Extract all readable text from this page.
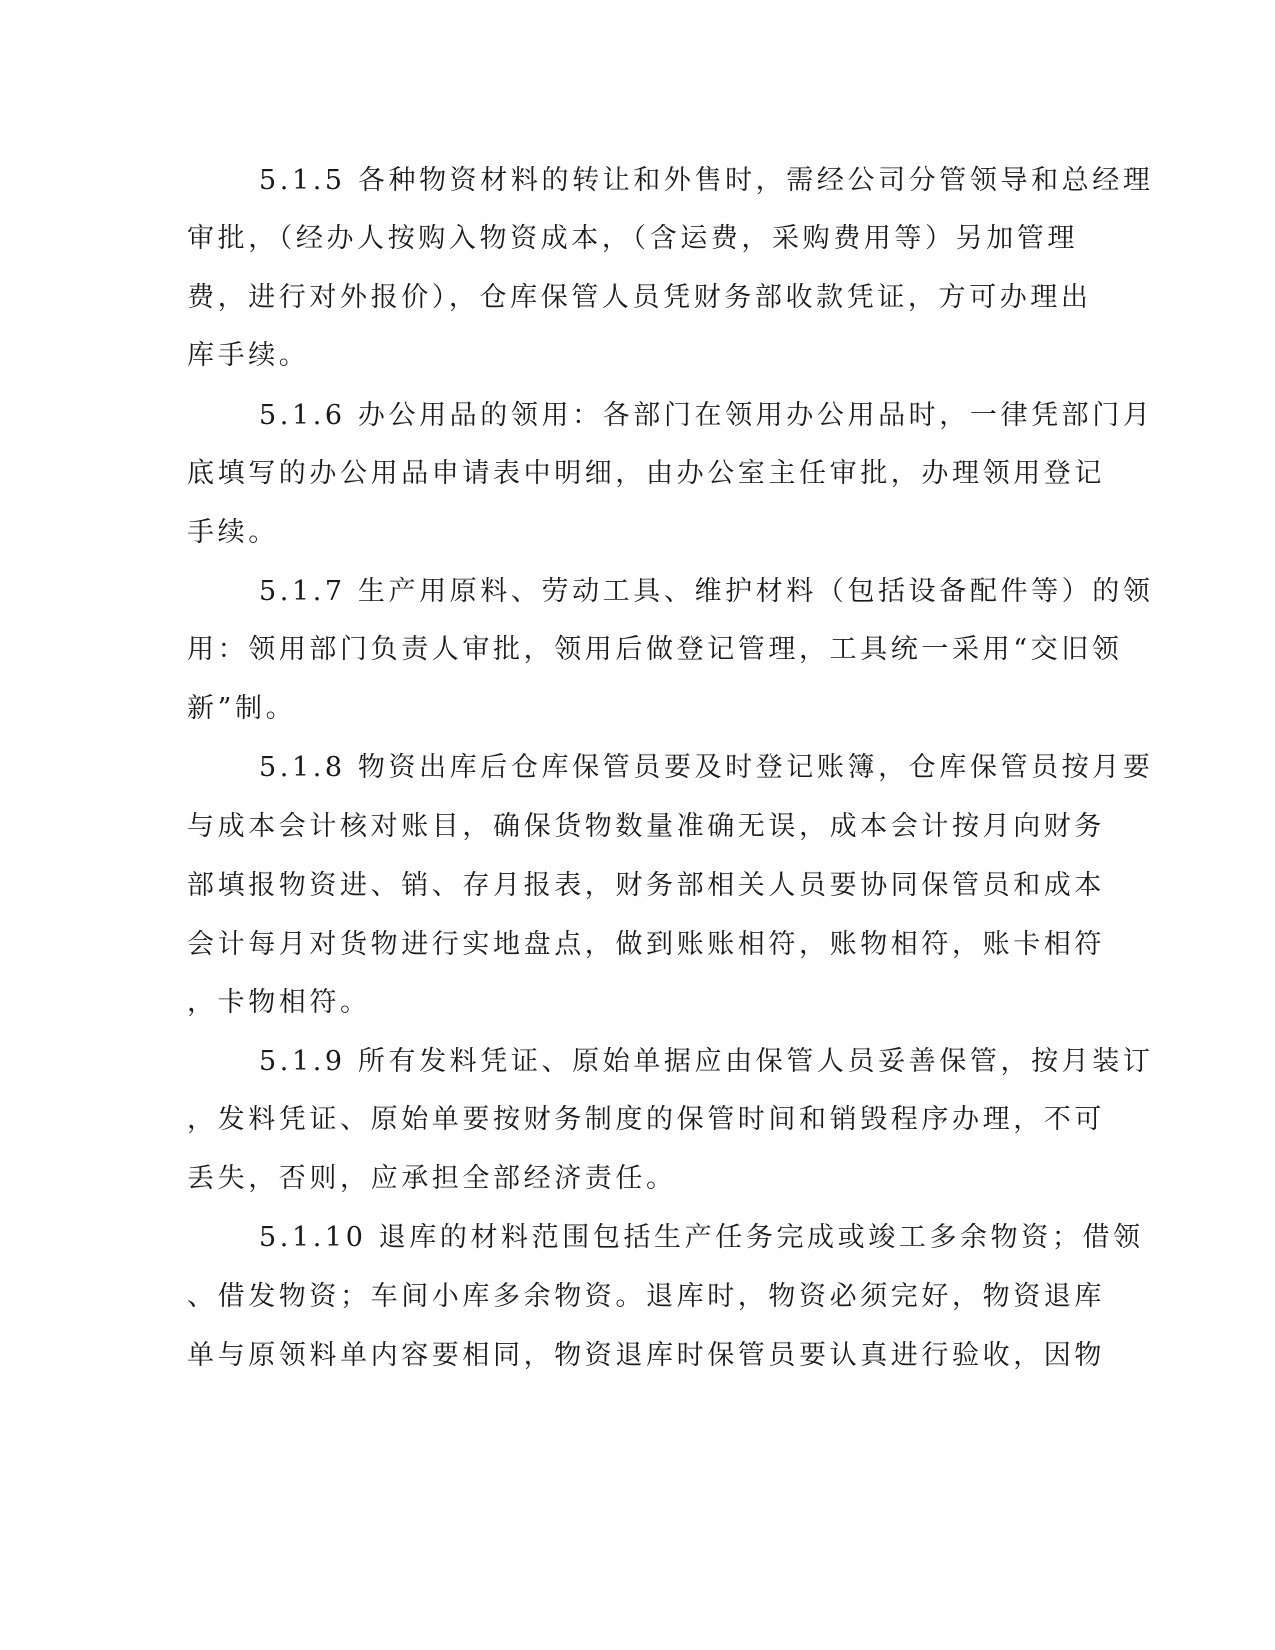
5.1.5 各种物资材料的转让和外售时，需经公司分管领导和总经理
审批，（经办人按购入物资成本，（含运费，采购费用等）另加管理
费，进行对外报价），仓库保管人员凭财务部收款凭证，方可办理出
库手续。
5.1.6 办公用品的领用：各部门在领用办公用品时，一律凭部门月
底填写的办公用品申请表中明细，由办公室主任审批，办理领用登记
手续。
5.1.7 生产用原料、劳动工具、维护材料（包括设备配件等）的领
用：领用部门负责人审批，领用后做登记管理，工具统一采用“交旧领
新”制。
5.1.8 物资出库后仓库保管员要及时登记账簿，仓库保管员按月要
与成本会计核对账目，确保货物数量准确无误，成本会计按月向财务
部填报物资进、销、存月报表，财务部相关人员要协同保管员和成本
会计每月对货物进行实地盘点，做到账账相符，账物相符，账卡相符
，卡物相符。
5.1.9 所有发料凭证、原始单据应由保管人员妥善保管，按月装订
，发料凭证、原始单要按财务制度的保管时间和销毁程序办理，不可
丢失，否则，应承担全部经济责任。
5.1.10 退库的材料范围包括生产任务完成或竣工多余物资；借领
、借发物资；车间小库多余物资。退库时，物资必须完好，物资退库
单与原领料单内容要相同，物资退库时保管员要认真进行验收，因物
